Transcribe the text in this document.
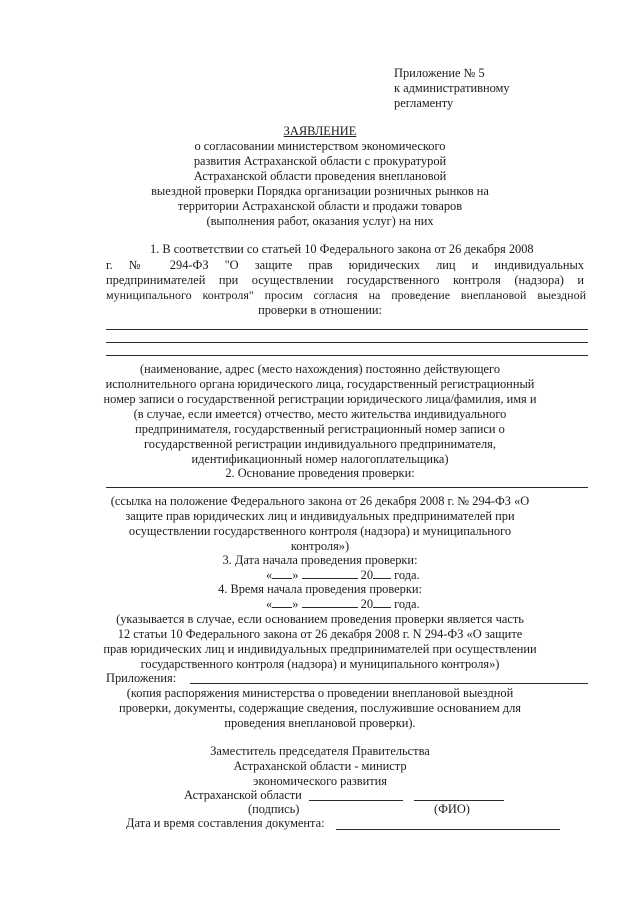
Приложение № 5
к административному
регламенту
ЗАЯВЛЕНИЕ
о согласовании министерством экономического
развития Астраханской области с прокуратурой
Астраханской области проведения внеплановой
выездной проверки Порядка организации розничных рынков на
территории Астраханской области и продажи товаров
(выполнения работ, оказания услуг) на них
1. В соответствии со статьей 10 Федерального закона от 26 декабря 2008
г. № 294-ФЗ "О защите прав юридических лиц и индивидуальных
предпринимателей при осуществлении государственного контроля (надзора) и
муниципального контроля" просим согласия на проведение внеплановой выездной
проверки в отношении:
(наименование, адрес (место нахождения) постоянно действующего
исполнительного органа юридического лица, государственный регистрационный
номер записи о государственной регистрации юридического лица/фамилия, имя и
(в случае, если имеется) отчество, место жительства индивидуального
предпринимателя, государственный регистрационный номер записи о
государственной регистрации индивидуального предпринимателя,
идентификационный номер налогоплательщика)
2. Основание проведения проверки:
(ссылка на положение Федерального закона от 26 декабря 2008 г. № 294-ФЗ «О
защите прав юридических лиц и индивидуальных предпринимателей при
осуществлении государственного контроля (надзора) и муниципального
контроля»)
3. Дата начала проведения проверки:
« »	20 года.
4. Время начала проведения проверки:
« »	20 года.
(указывается в случае, если основанием проведения проверки является часть
12 статьи 10 Федерального закона от 26 декабря 2008 г. N 294-ФЗ «О защите
прав юридических лиц и индивидуальных предпринимателей при осуществлении
государственного контроля (надзора) и муниципального контроля»)
Приложения:
(копия распоряжения министерства о проведении внеплановой выездной
проверки, документы, содержащие сведения, послужившие основанием для
проведения внеплановой проверки).
Заместитель председателя Правительства
Астраханской области - министр
экономического развития
Астраханской области
(подпись)	(ФИО)
Дата и время составления документа:
